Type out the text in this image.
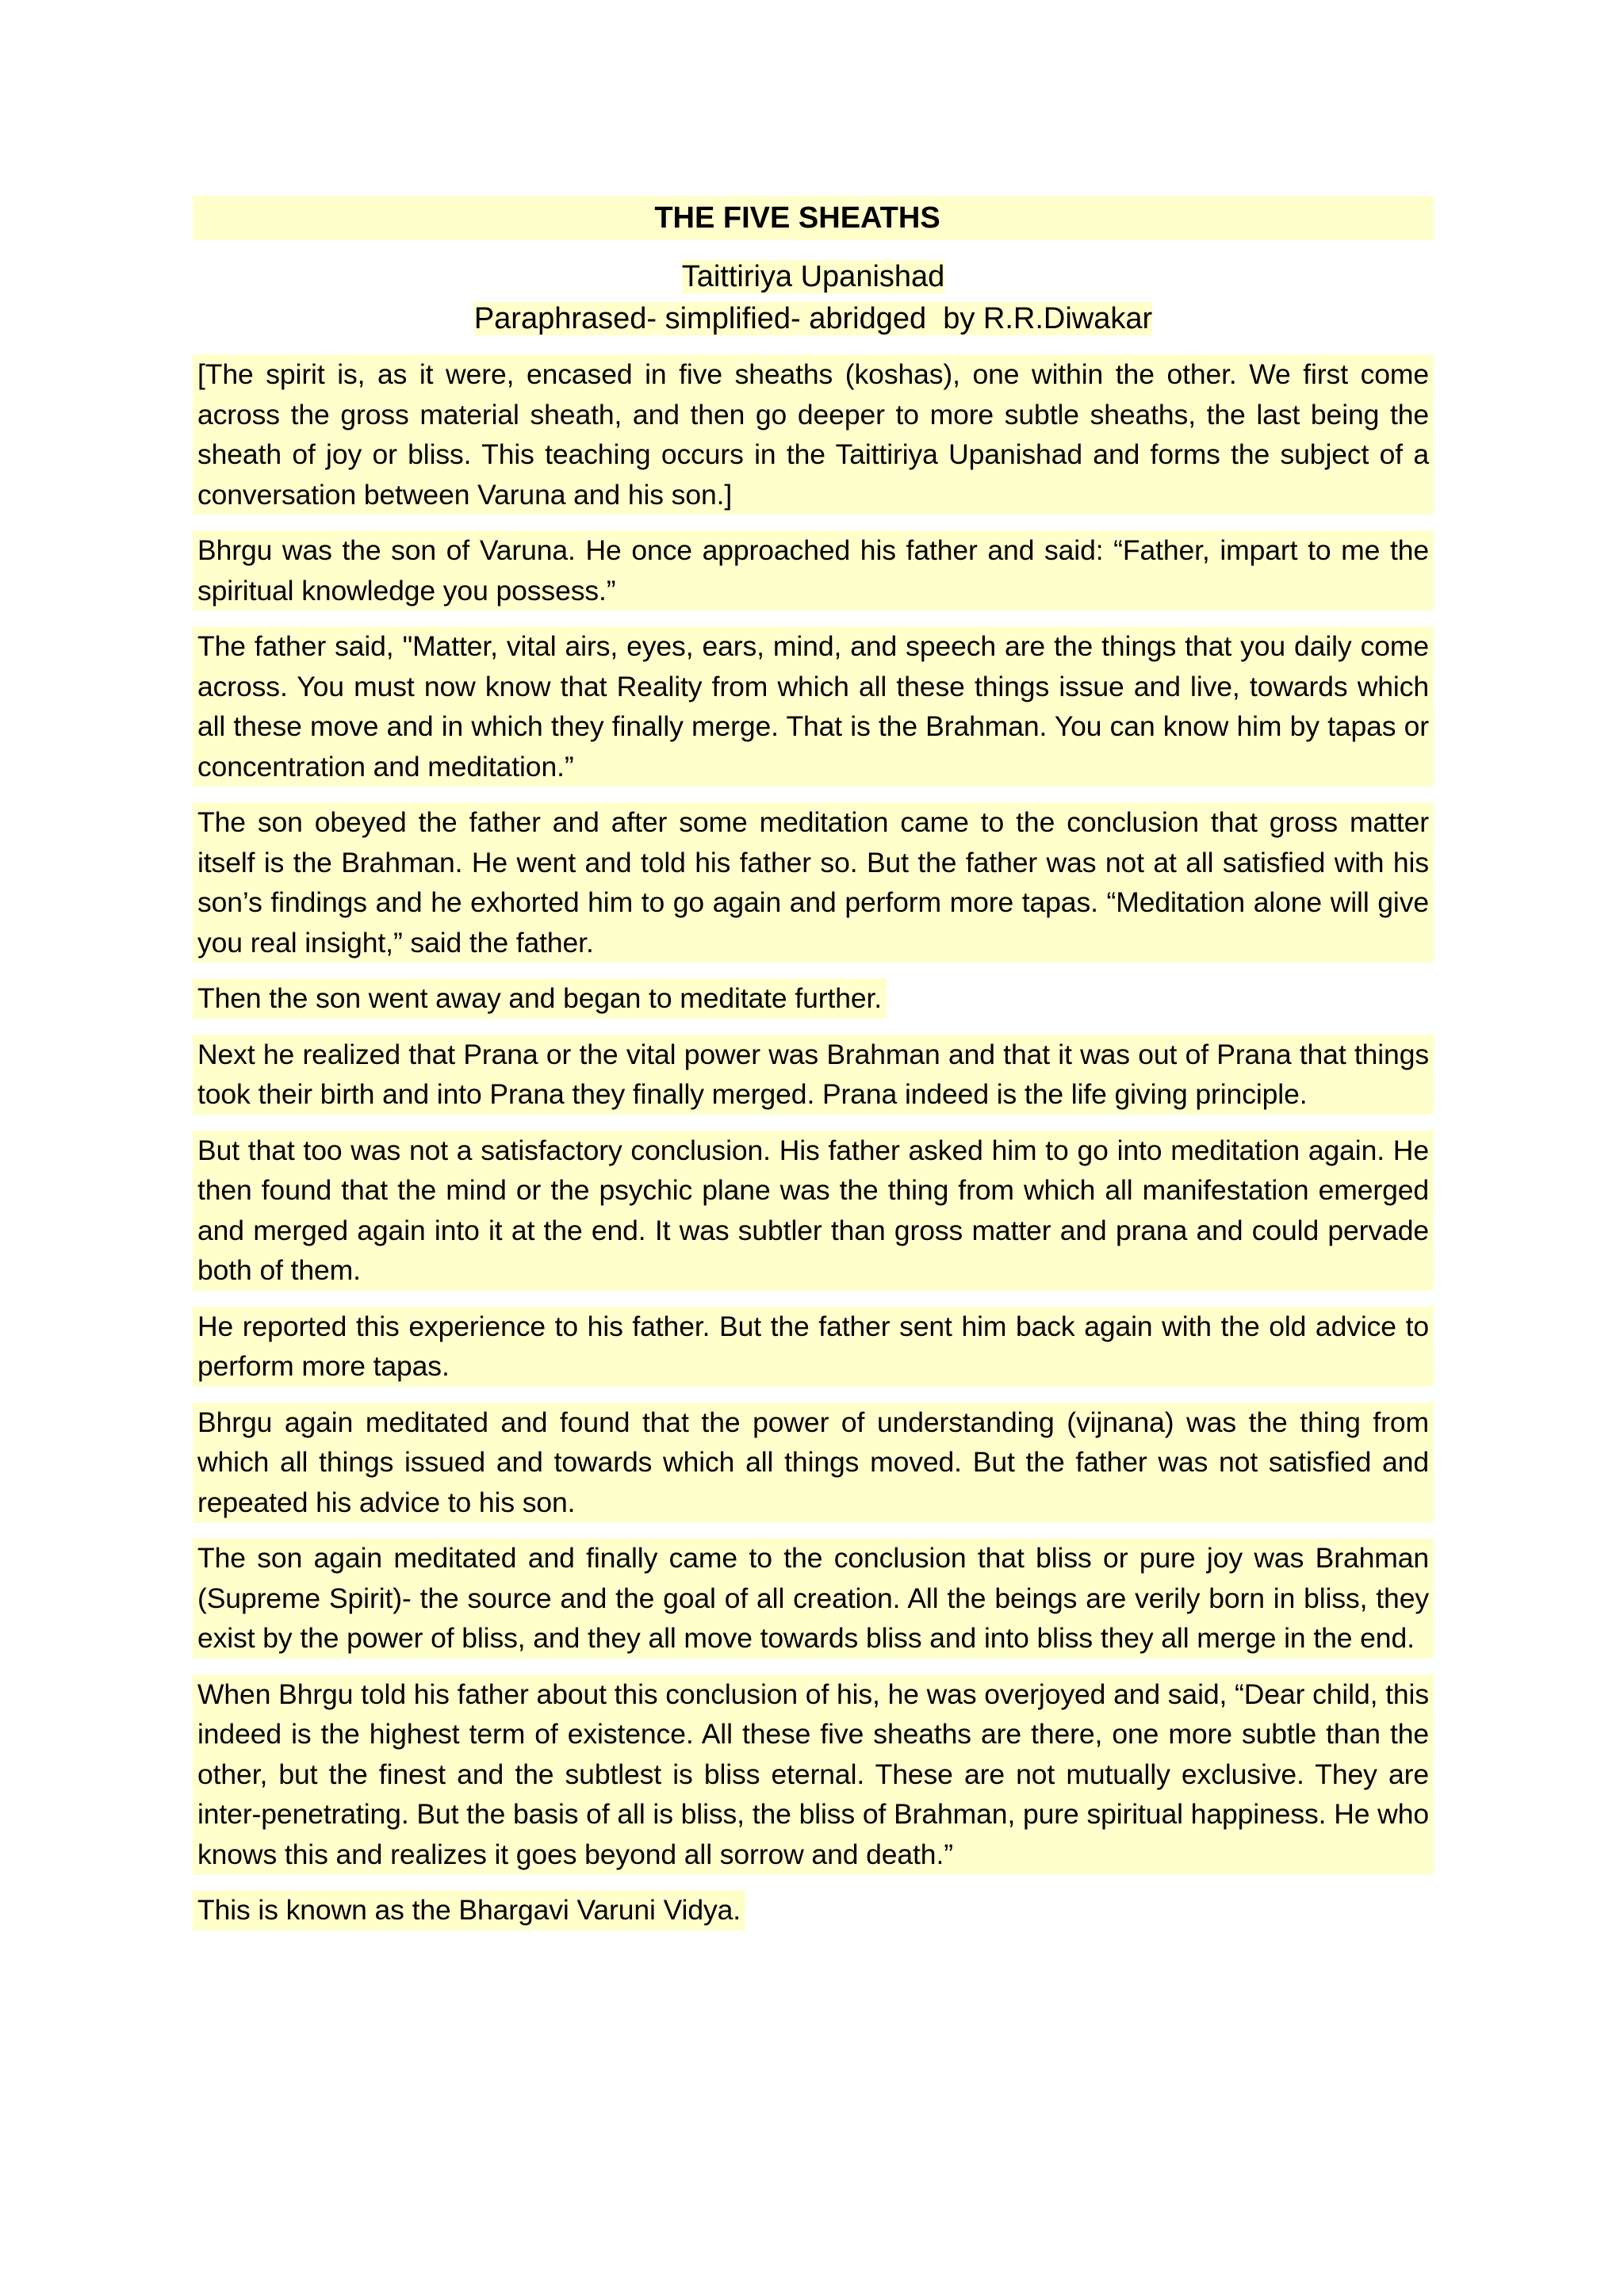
THE FIVE SHEATHS
Taittiriya Upanishad
Paraphrased- simplified- abridged  by R.R.Diwakar

[The spirit is, as it were, encased in five sheaths (koshas), one within the other. We first come across the gross material sheath, and then go deeper to more subtle sheaths, the last being the sheath of joy or bliss. This teaching occurs in the Taittiriya Upanishad and forms the subject of a conversation between Varuna and his son.]

Bhrgu was the son of Varuna. He once approached his father and said: “Father, impart to me the spiritual knowledge you possess.”

The father said, "Matter, vital airs, eyes, ears, mind, and speech are the things that you daily come across. You must now know that Reality from which all these things issue and live, towards which all these move and in which they finally merge. That is the Brahman. You can know him by tapas or concentration and meditation.”

The son obeyed the father and after some meditation came to the conclusion that gross matter itself is the Brahman. He went and told his father so. But the father was not at all satisfied with his son’s findings and he exhorted him to go again and perform more tapas. “Meditation alone will give you real insight,” said the father.

Then the son went away and began to meditate further.

Next he realized that Prana or the vital power was Brahman and that it was out of Prana that things took their birth and into Prana they finally merged. Prana indeed is the life giving principle.

But that too was not a satisfactory conclusion. His father asked him to go into meditation again. He then found that the mind or the psychic plane was the thing from which all manifestation emerged and merged again into it at the end. It was subtler than gross matter and prana and could pervade both of them.

He reported this experience to his father. But the father sent him back again with the old advice to perform more tapas.

Bhrgu again meditated and found that the power of understanding (vijnana) was the thing from which all things issued and towards which all things moved. But the father was not satisfied and repeated his advice to his son.

The son again meditated and finally came to the conclusion that bliss or pure joy was Brahman (Supreme Spirit)- the source and the goal of all creation. All the beings are verily born in bliss, they exist by the power of bliss, and they all move towards bliss and into bliss they all merge in the end.

When Bhrgu told his father about this conclusion of his, he was overjoyed and said, “Dear child, this indeed is the highest term of existence. All these five sheaths are there, one more subtle than the other, but the finest and the subtlest is bliss eternal. These are not mutually exclusive. They are inter-penetrating. But the basis of all is bliss, the bliss of Brahman, pure spiritual happiness. He who knows this and realizes it goes beyond all sorrow and death.”

This is known as the Bhargavi Varuni Vidya.
